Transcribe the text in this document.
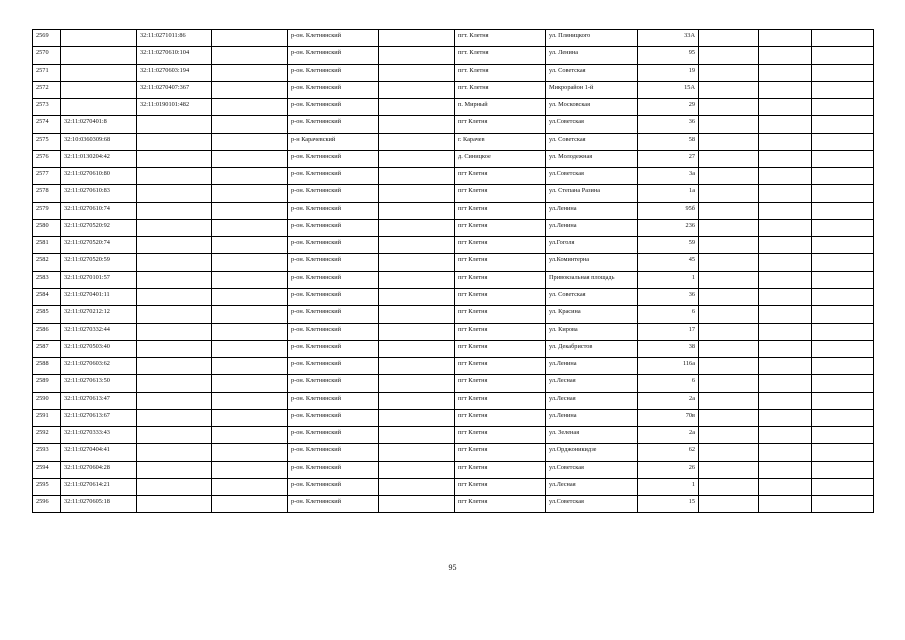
2569		32:11:0271011:86		р-он. Клетнянский		пгт. Клетня	ул. Пляницкого	33А			
2570		32:11:0270610:104		р-он. Клетнянский		пгт. Клетня	ул. Ленина	95			
2571		32:11:0270603:194		р-он. Клетнянский		пгт. Клетня	ул. Советская	19			
2572		32:11:0270407:367		р-он. Клетнянский		пгт. Клетня	Микрорайон 1-й	15А			
2573		32:11:0190101:482		р-он. Клетнянский		п. Мирный	ул. Московская	29			
2574	32:11:0270401:8			р-он. Клетнянский		пгт Клетня	ул.Советская	36			
2575	32:10:0360309:68			р-н Карачевский		г. Карачев	ул. Советская	58			
2576	32:11:0130204:42			р-он. Клетнянский		д. Синицкое	ул. Молодежная	27			
2577	32:11:0270610:80			р-он. Клетнянский		пгт Клетня	ул.Советская	3а			
2578	32:11:0270610:83			р-он. Клетнянский		пгт Клетня	ул. Степана Разина	1а			
2579	32:11:0270610:74			р-он. Клетнянский		пгт Клетня	ул.Ленина	95б			
2580	32:11:0270520:92			р-он. Клетнянский		пгт Клетня	ул.Ленина	236			
2581	32:11:0270520:74			р-он. Клетнянский		пгт Клетня	ул.Гоголя	59			
2582	32:11:0270520:59			р-он. Клетнянский		пгт Клетня	ул.Коминтерна	45			
2583	32:11:0270101:57			р-он. Клетнянский		пгт Клетня	Привокзальная площадь	1			
2584	32:11:0270401:11			р-он. Клетнянский		пгт Клетня	ул. Советская	36			
2585	32:11:0270212:12			р-он. Клетнянский		пгт Клетня	ул. Красина	6			
2586	32:11:0270332:44			р-он. Клетнянский		пгт Клетня	ул. Кирова	17			
2587	32:11:0270503:40			р-он. Клетнянский		пгт Клетня	ул. Декабристов	38			
2588	32:11:0270603:62			р-он. Клетнянский		пгт Клетня	ул.Ленина	116а			
2589	32:11:0270613:50			р-он. Клетнянский		пгт Клетня	ул.Лесная	6			
2590	32:11:0270613:47			р-он. Клетнянский		пгт Клетня	ул.Лесная	2а			
2591	32:11:0270613:67			р-он. Клетнянский		пгт Клетня	ул.Ленина	70в			
2592	32:11:0270333:43			р-он. Клетнянский		пгт Клетня	ул. Зеленая	2а			
2593	32:11:0270404:41			р-он. Клетнянский		пгт Клетня	ул.Орджоникидзе	62			
2594	32:11:0270604:28			р-он. Клетнянский		пгт Клетня	ул.Советская	26			
2595	32:11:0270614:21			р-он. Клетнянский		пгт Клетня	ул.Лесная	1			
2596	32:11:0270605:18			р-он. Клетнянский		пгт Клетня	ул.Советская	15			
95
